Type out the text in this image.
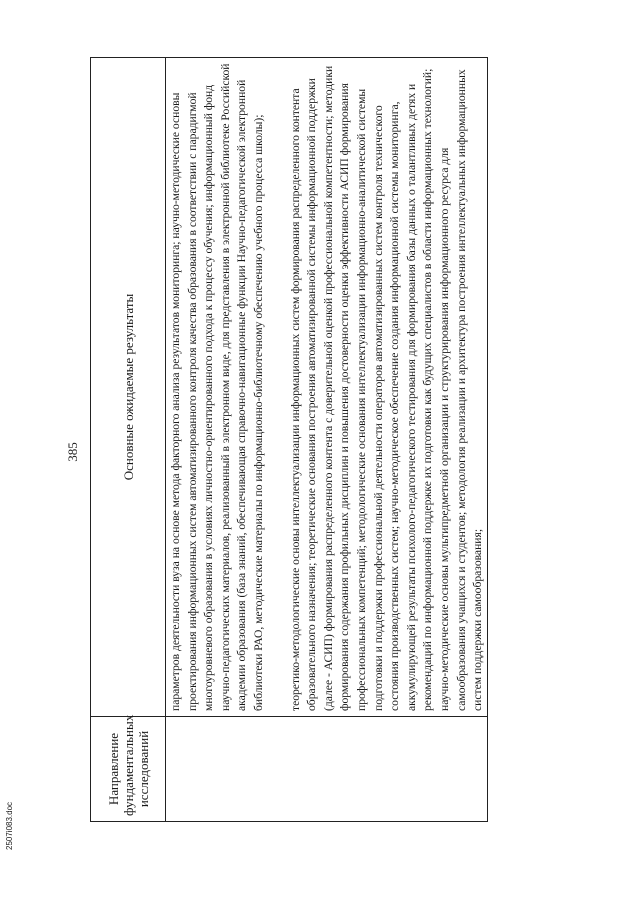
385
Направление фундаментальных исследований	Основные ожидаемые результаты

	параметров деятельности вуза на основе метода факторного анализа результатов мониторинга; научно-методические основы проектирования информационных систем автоматизированного контроля качества образования в соответствии с парадигмой многоуровневого образования в условиях личностно-ориентированного подхода к процессу обучения; информационный фонд научно-педагогических материалов, реализованный в электронном виде, для представления в электронной библиотеке Российской академии образования (база знаний, обеспечивающая справочно-навигационные функции Научно-педагогической электронной библиотеки РАО, методические материалы по информационно-библиотечному обеспечению учебного процесса школы); теоретико-методологические основы интеллектуализации информационных систем формирования распределенного контента образовательного назначения; теоретические основания построения автоматизированной системы информационной поддержки (далее - АСИП) формирования распределенного контента с доверительной оценкой профессиональной компетентности; методики формирования содержания профильных дисциплин и повышения достоверности оценки эффективности АСИП формирования профессиональных компетенций; методологические основания интеллектуализации информационно-аналитической системы подготовки и поддержки профессиональной деятельности операторов автоматизированных систем контроля технического состояния производственных систем; научно-методическое обеспечение создания информационной системы мониторинга, аккумулирующей результаты психолого-педагогического тестирования для формирования базы данных о талантливых детях и рекомендаций по информационной поддержке их подготовки как будущих специалистов в области информационных технологий; научно-методические основы мультипредметной организации и структурирования информационного ресурса для самообразования учащихся и студентов; методология реализации и архитектура построения интеллектуальных информационных систем поддержки самообразования;

2507i083.doc
